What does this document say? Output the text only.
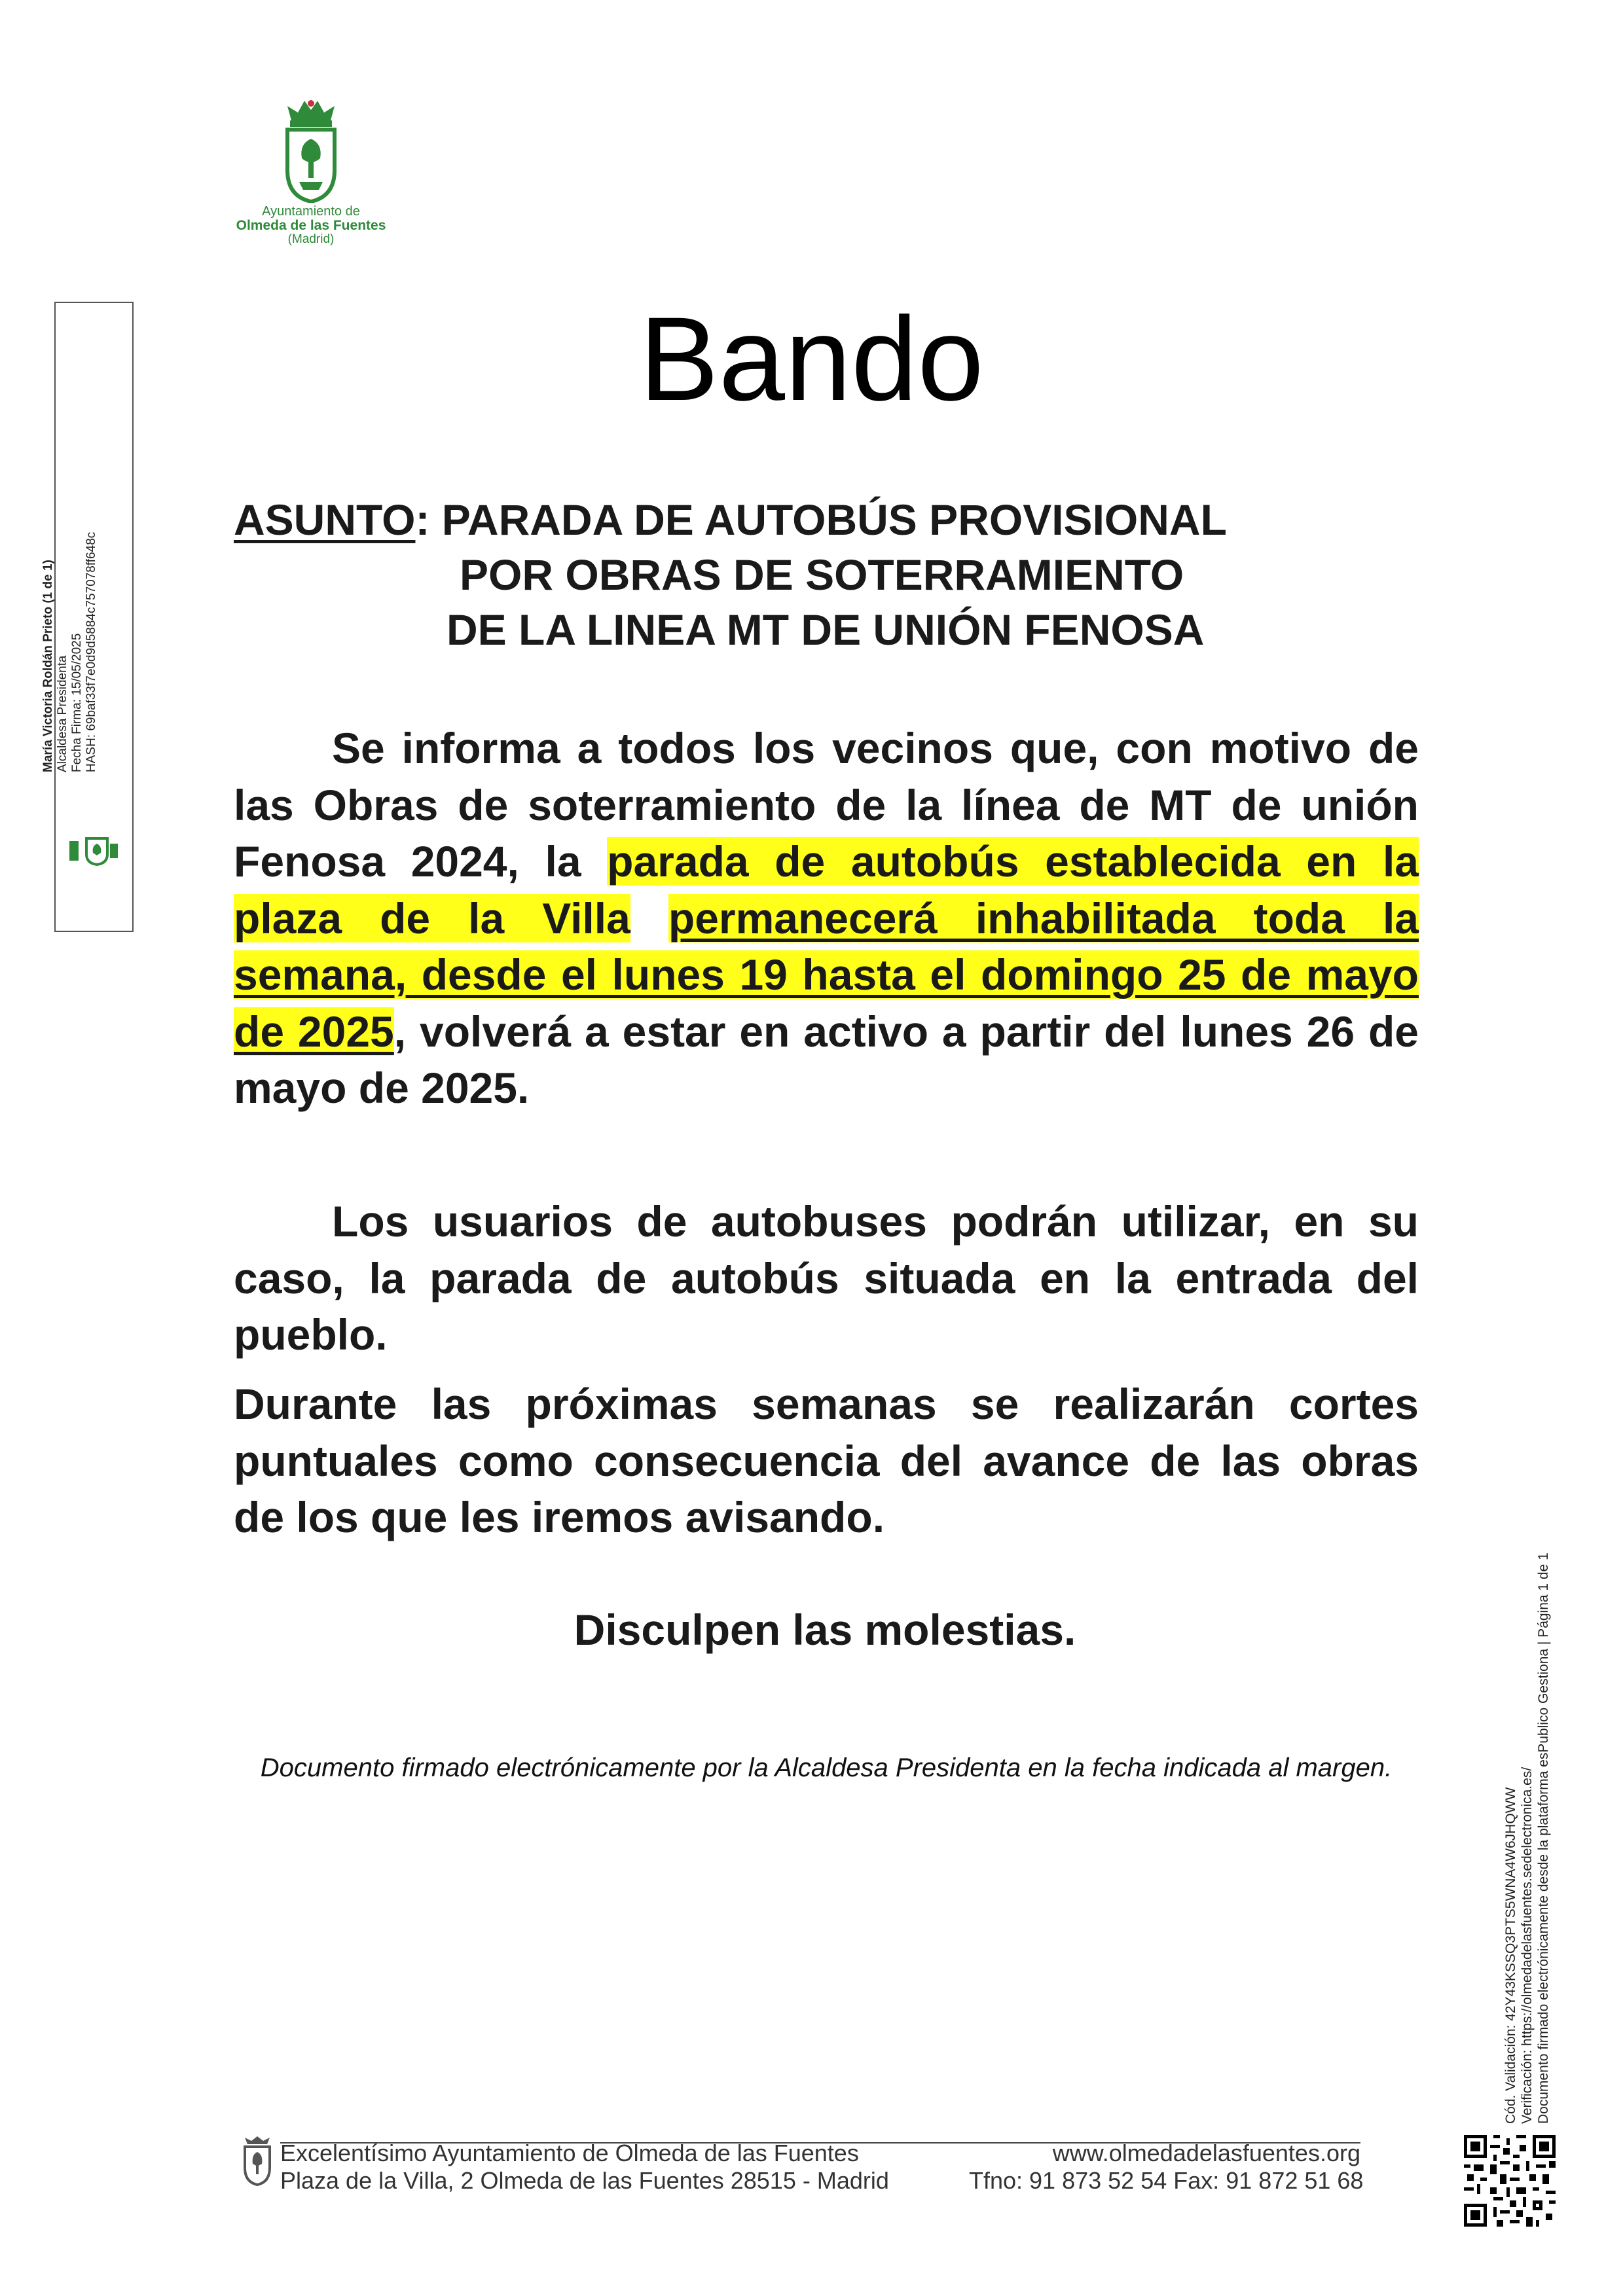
Ayuntamiento de
Olmeda de las Fuentes
(Madrid)
María Victoria Roldán Prieto (1 de 1) Alcaldesa Presidenta Fecha Firma: 15/05/2025 HASH: 69baf33f7e0d9d5884c757078ff648c
Bando
ASUNTO: PARADA DE AUTOBÚS PROVISIONAL
POR OBRAS DE SOTERRAMIENTO
DE LA LINEA MT DE UNIÓN FENOSA
Se informa a todos los vecinos que, con motivo de las Obras de soterramiento de la línea de MT de unión Fenosa 2024, la parada de autobús establecida en la plaza de la Villa permanecerá inhabilitada toda la semana, desde el lunes 19 hasta el domingo 25 de mayo de 2025, volverá a estar en activo a partir del lunes 26 de mayo de 2025.
Los usuarios de autobuses podrán utilizar, en su caso, la parada de autobús situada en la entrada del pueblo.
Durante las próximas semanas se realizarán cortes puntuales como consecuencia del avance de las obras de los que les iremos avisando.
Disculpen las molestias.
Documento firmado electrónicamente por la Alcaldesa Presidenta en la fecha indicada al margen.
Cód. Validación: 42Y43KSSQ3PTS5WNA4W6JHQWW Verificación: https://olmedadelasfuentes.sedelectronica.es/ Documento firmado electrónicamente desde la plataforma esPublico Gestiona | Página 1 de 1
Excelentísimo Ayuntamiento de Olmeda de las Fuentes
Plaza de la Villa, 2 Olmeda de las Fuentes 28515 - Madrid
www.olmedadelasfuentes.org
Tfno: 91 873 52 54 Fax: 91 872 51 68
